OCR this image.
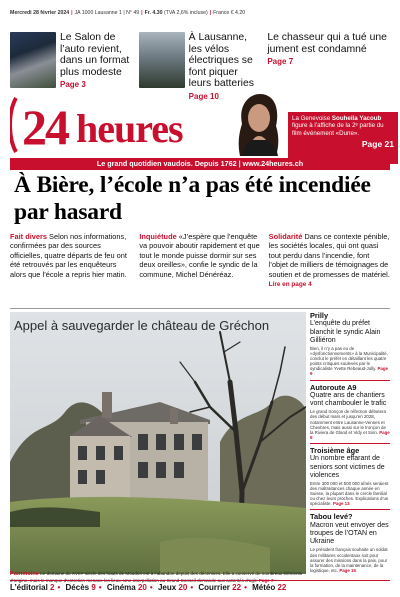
Mercredi 28 février 2024 | JA 1000 Lausanne 1 | N° 49 | Fr. 4.30 (TVA 2,6% incluse) | France € 4.20
Le Salon de l’auto revient, dans un format plus modeste
Page 3
À Lausanne, les vélos électriques se font piquer leurs batteries
Page 10
Le chasseur qui a tué une jument est condamné
Page 7
24 heures	La Genevoise Souheila Yacoub figure à l’affiche de la 2ᵉ partie du film événement «Dune».
Page 21
Le grand quotidien vaudois. Depuis 1762 | www.24heures.ch
À Bière, l’école n’a pas été incendiée par hasard
Fait divers Selon nos informations, confirmées par des sources officielles, quatre départs de feu ont été retrouvés par les enquêteurs alors que l’école a repris hier matin.
Inquiétude «J’espère que l’enquête va pouvoir aboutir rapidement et que tout le monde puisse dormir sur ses deux oreilles», confie le syndic de la commune, Michel Dénéréaz.
Solidarité Dans ce contexte pénible, les sociétés locales, qui ont quasi tout perdu dans l’incendie, font l’objet de milliers de témoignages de soutien et de promesses de matériel. Lire en page 4
Appel à sauvegarder le château de Gréchon
Patrimoine Le domaine du XVIIIᵉ siècle des hauts de Moudon est à l’abandon depuis des décennies. Elle a conservé de nombreux éléments d’origine, mais le manque d’entretien menace les lieux. Une interpellation au Grand Conseil demande aux autorités d’agir. Page 7
Prilly
L’enquête du préfet blanchit le syndic Alain Gilliéron
Bien, il n’y a pas eu de «dysfonctionnements» à la Municipalité, conclut le préfet en détaillant les quatre points critiques soulevés par le syndicaliste Yvette Rebeaud-Jolly. Page 9
Autoroute A9
Quatre ans de chantiers vont chambouler le trafic
Le grand tronçon de réfection débutera des début mars et jusqu’en 2028, notamment entre Lausanne-Vennes et Chexbres, mais aussi sur le tronçon de la Riviera de Gland et Vidy et Sion. Page 5
Troisième âge
Un nombre effarant de seniors sont victimes de violences
Entre 300 000 et 500 000 aînés seraient des maltraitances chaque année en Suisse, la plupart dans le cercle familial ou chez leurs proches. Explications d’un spécialiste. Page 13
Tabou levé?
Macron veut envoyer des troupes de l’OTAN en Ukraine
Le président français souhaite un soldat des militaires occidentaux soit pour assurer des missions dans la paix, pour la formation, de la maintenance, de la logistique, etc. Page 15
L’éditorial 2 • Décès 9 • Cinéma 20 • Jeux 20 • Courrier 22 • Météo 22
